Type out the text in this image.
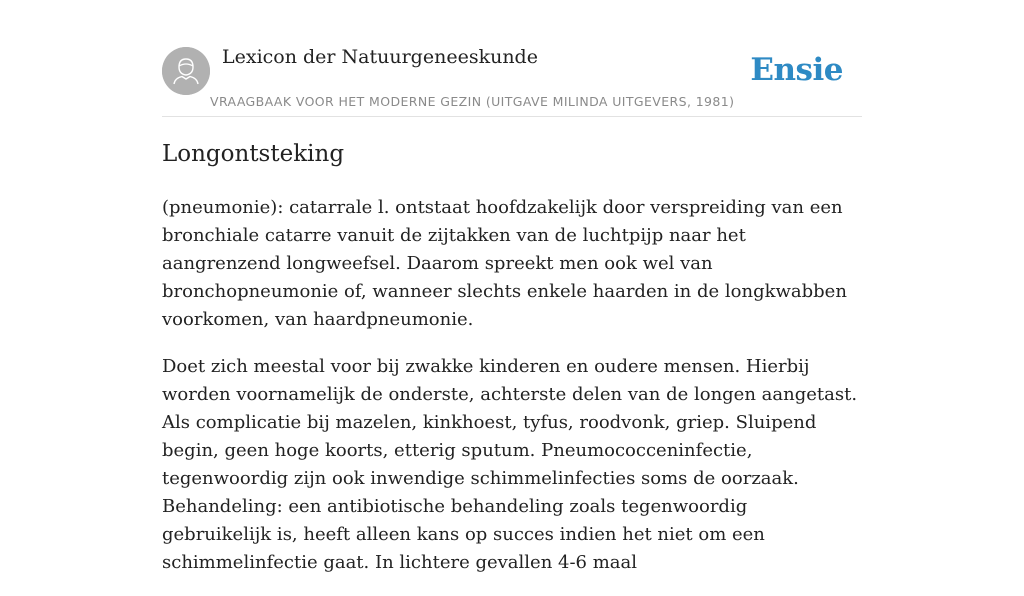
Lexicon der Natuurgeneeskunde
VRAAGBAAK VOOR HET MODERNE GEZIN (UITGAVE MILINDA UITGEVERS, 1981)
Ensie
Longontsteking

(pneumonie): catarrale l. ontstaat hoofdzakelijk door verspreiding van een bronchiale catarre vanuit de zijtakken van de luchtpijp naar het aangrenzend longweefsel. Daarom spreekt men ook wel van bronchopneumonie of, wanneer slechts enkele haarden in de longkwabben voorkomen, van haardpneumonie.

Doet zich meestal voor bij zwakke kinderen en oudere mensen. Hierbij worden voornamelijk de onderste, achterste delen van de longen aangetast. Als complicatie bij mazelen, kinkhoest, tyfus, roodvonk, griep. Sluipend begin, geen hoge koorts, etterig sputum. Pneumococceninfectie, tegenwoordig zijn ook inwendige schimmelinfecties soms de oorzaak. Behandeling: een antibiotische behandeling zoals tegenwoordig gebruikelijk is, heeft alleen kans op succes indien het niet om een schimmelinfectie gaat. In lichtere gevallen 4-6 maal
